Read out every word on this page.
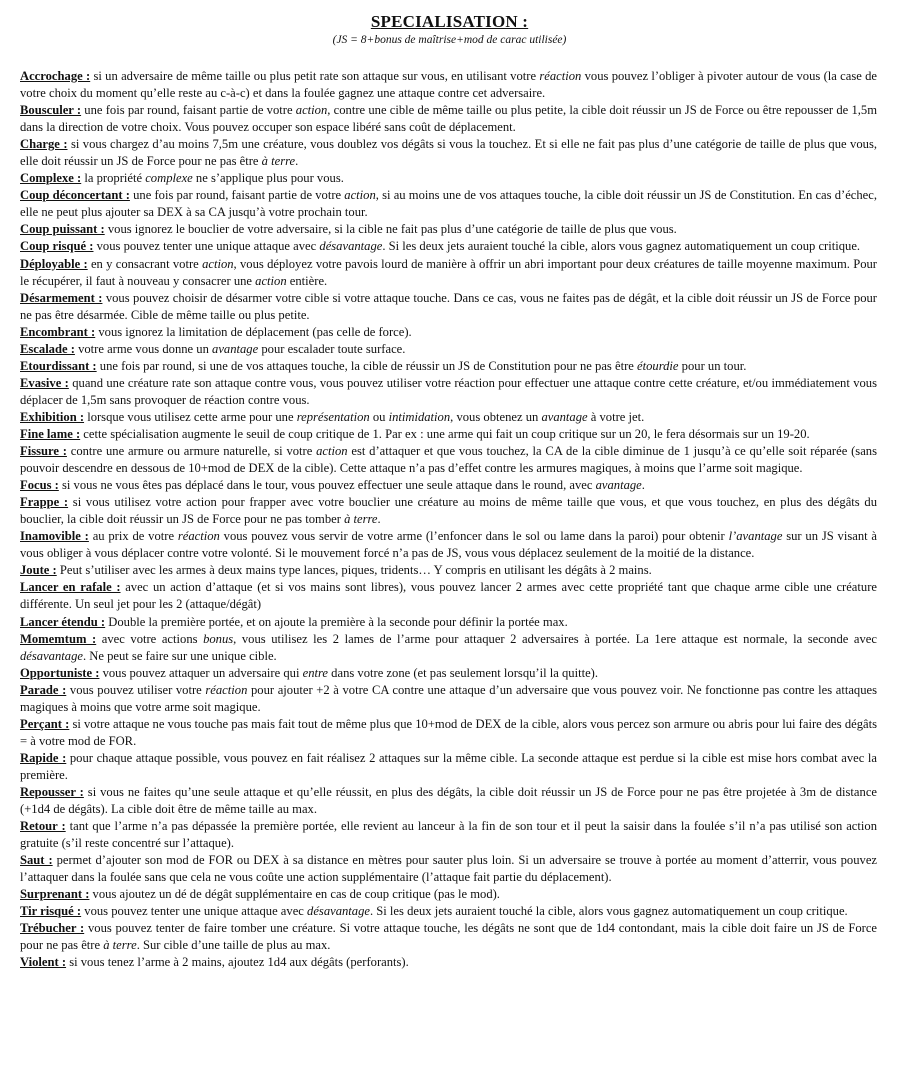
SPECIALISATION :
(JS = 8+bonus de maîtrise+mod de carac utilisée)

Accrochage : si un adversaire de même taille ou plus petit rate son attaque sur vous, en utilisant votre réaction vous pouvez l’obliger à pivoter autour de vous (la case de votre choix du moment qu’elle reste au c-à-c) et dans la foulée gagnez une attaque contre cet adversaire.

Bousculer : une fois par round, faisant partie de votre action, contre une cible de même taille ou plus petite, la cible doit réussir un JS de Force ou être repousser de 1,5m dans la direction de votre choix. Vous pouvez occuper son espace libéré sans coût de déplacement.

Charge : si vous chargez d’au moins 7,5m une créature, vous doublez vos dégâts si vous la touchez. Et si elle ne fait pas plus d’une catégorie de taille de plus que vous, elle doit réussir un JS de Force pour ne pas être à terre.

Complexe : la propriété complexe ne s’applique plus pour vous.

Coup déconcertant : une fois par round, faisant partie de votre action, si au moins une de vos attaques touche, la cible doit réussir un JS de Constitution. En cas d’échec, elle ne peut plus ajouter sa DEX à sa CA jusqu’à votre prochain tour.

Coup puissant : vous ignorez le bouclier de votre adversaire, si la cible ne fait pas plus d’une catégorie de taille de plus que vous.

Coup risqué : vous pouvez tenter une unique attaque avec désavantage. Si les deux jets auraient touché la cible, alors vous gagnez automatiquement un coup critique.

Déployable : en y consacrant votre action, vous déployez votre pavois lourd de manière à offrir un abri important pour deux créatures de taille moyenne maximum. Pour le récupérer, il faut à nouveau y consacrer une action entière.

Désarmement : vous pouvez choisir de désarmer votre cible si votre attaque touche. Dans ce cas, vous ne faites pas de dégât, et la cible doit réussir un JS de Force pour ne pas être désarmée. Cible de même taille ou plus petite.

Encombrant : vous ignorez la limitation de déplacement (pas celle de force).

Escalade : votre arme vous donne un avantage pour escalader toute surface.

Etourdissant : une fois par round, si une de vos attaques touche, la cible de réussir un JS de Constitution pour ne pas être étourdie pour un tour.

Evasive : quand une créature rate son attaque contre vous, vous pouvez utiliser votre réaction pour effectuer une attaque contre cette créature, et/ou immédiatement vous déplacer de 1,5m sans provoquer de réaction contre vous.

Exhibition : lorsque vous utilisez cette arme pour une représentation ou intimidation, vous obtenez un avantage à votre jet.

Fine lame : cette spécialisation augmente le seuil de coup critique de 1. Par ex : une arme qui fait un coup critique sur un 20, le fera désormais sur un 19-20.

Fissure : contre une armure ou armure naturelle, si votre action est d’attaquer et que vous touchez, la CA de la cible diminue de 1 jusqu’à ce qu’elle soit réparée (sans pouvoir descendre en dessous de 10+mod de DEX de la cible). Cette attaque n’a pas d’effet contre les armures magiques, à moins que l’arme soit magique.

Focus : si vous ne vous êtes pas déplacé dans le tour, vous pouvez effectuer une seule attaque dans le round, avec avantage.

Frappe : si vous utilisez votre action pour frapper avec votre bouclier une créature au moins de même taille que vous, et que vous touchez, en plus des dégâts du bouclier, la cible doit réussir un JS de Force pour ne pas tomber à terre.

Inamovible : au prix de votre réaction vous pouvez vous servir de votre arme (l’enfoncer dans le sol ou lame dans la paroi) pour obtenir l’avantage sur un JS visant à vous obliger à vous déplacer contre votre volonté. Si le mouvement forcé n’a pas de JS, vous vous déplacez seulement de la moitié de la distance.

Joute : Peut s’utiliser avec les armes à deux mains type lances, piques, tridents… Y compris en utilisant les dégâts à 2 mains.

Lancer en rafale : avec un action d’attaque (et si vos mains sont libres), vous pouvez lancer 2 armes avec cette propriété tant que chaque arme cible une créature différente. Un seul jet pour les 2 (attaque/dégât)

Lancer étendu : Double la première portée, et on ajoute la première à la seconde pour définir la portée max.

Momemtum : avec votre actions bonus, vous utilisez les 2 lames de l’arme pour attaquer 2 adversaires à portée. La 1ere attaque est normale, la seconde avec désavantage. Ne peut se faire sur une unique cible.

Opportuniste : vous pouvez attaquer un adversaire qui entre dans votre zone (et pas seulement lorsqu’il la quitte).

Parade : vous pouvez utiliser votre réaction pour ajouter +2 à votre CA contre une attaque d’un adversaire que vous pouvez voir. Ne fonctionne pas contre les attaques magiques à moins que votre arme soit magique.

Perçant : si votre attaque ne vous touche pas mais fait tout de même plus que 10+mod de DEX de la cible, alors vous percez son armure ou abris pour lui faire des dégâts = à votre mod de FOR.

Rapide : pour chaque attaque possible, vous pouvez en fait réalisez 2 attaques sur la même cible. La seconde attaque est perdue si la cible est mise hors combat avec la première.

Repousser : si vous ne faites qu’une seule attaque et qu’elle réussit, en plus des dégâts, la cible doit réussir un JS de Force pour ne pas être projetée à 3m de distance (+1d4 de dégâts). La cible doit être de même taille au max.

Retour : tant que l’arme n’a pas dépassée la première portée, elle revient au lanceur à la fin de son tour et il peut la saisir dans la foulée s’il n’a pas utilisé son action gratuite (s’il reste concentré sur l’attaque).

Saut : permet d’ajouter son mod de FOR ou DEX à sa distance en mètres pour sauter plus loin. Si un adversaire se trouve à portée au moment d’atterrir, vous pouvez l’attaquer dans la foulée sans que cela ne vous coûte une action supplémentaire (l’attaque fait partie du déplacement).

Surprenant : vous ajoutez un dé de dégât supplémentaire en cas de coup critique (pas le mod).

Tir risqué : vous pouvez tenter une unique attaque avec désavantage. Si les deux jets auraient touché la cible, alors vous gagnez automatiquement un coup critique.

Trébucher : vous pouvez tenter de faire tomber une créature. Si votre attaque touche, les dégâts ne sont que de 1d4 contondant, mais la cible doit faire un JS de Force pour ne pas être à terre. Sur cible d’une taille de plus au max.

Violent : si vous tenez l’arme à 2 mains, ajoutez 1d4 aux dégâts (perforants).
